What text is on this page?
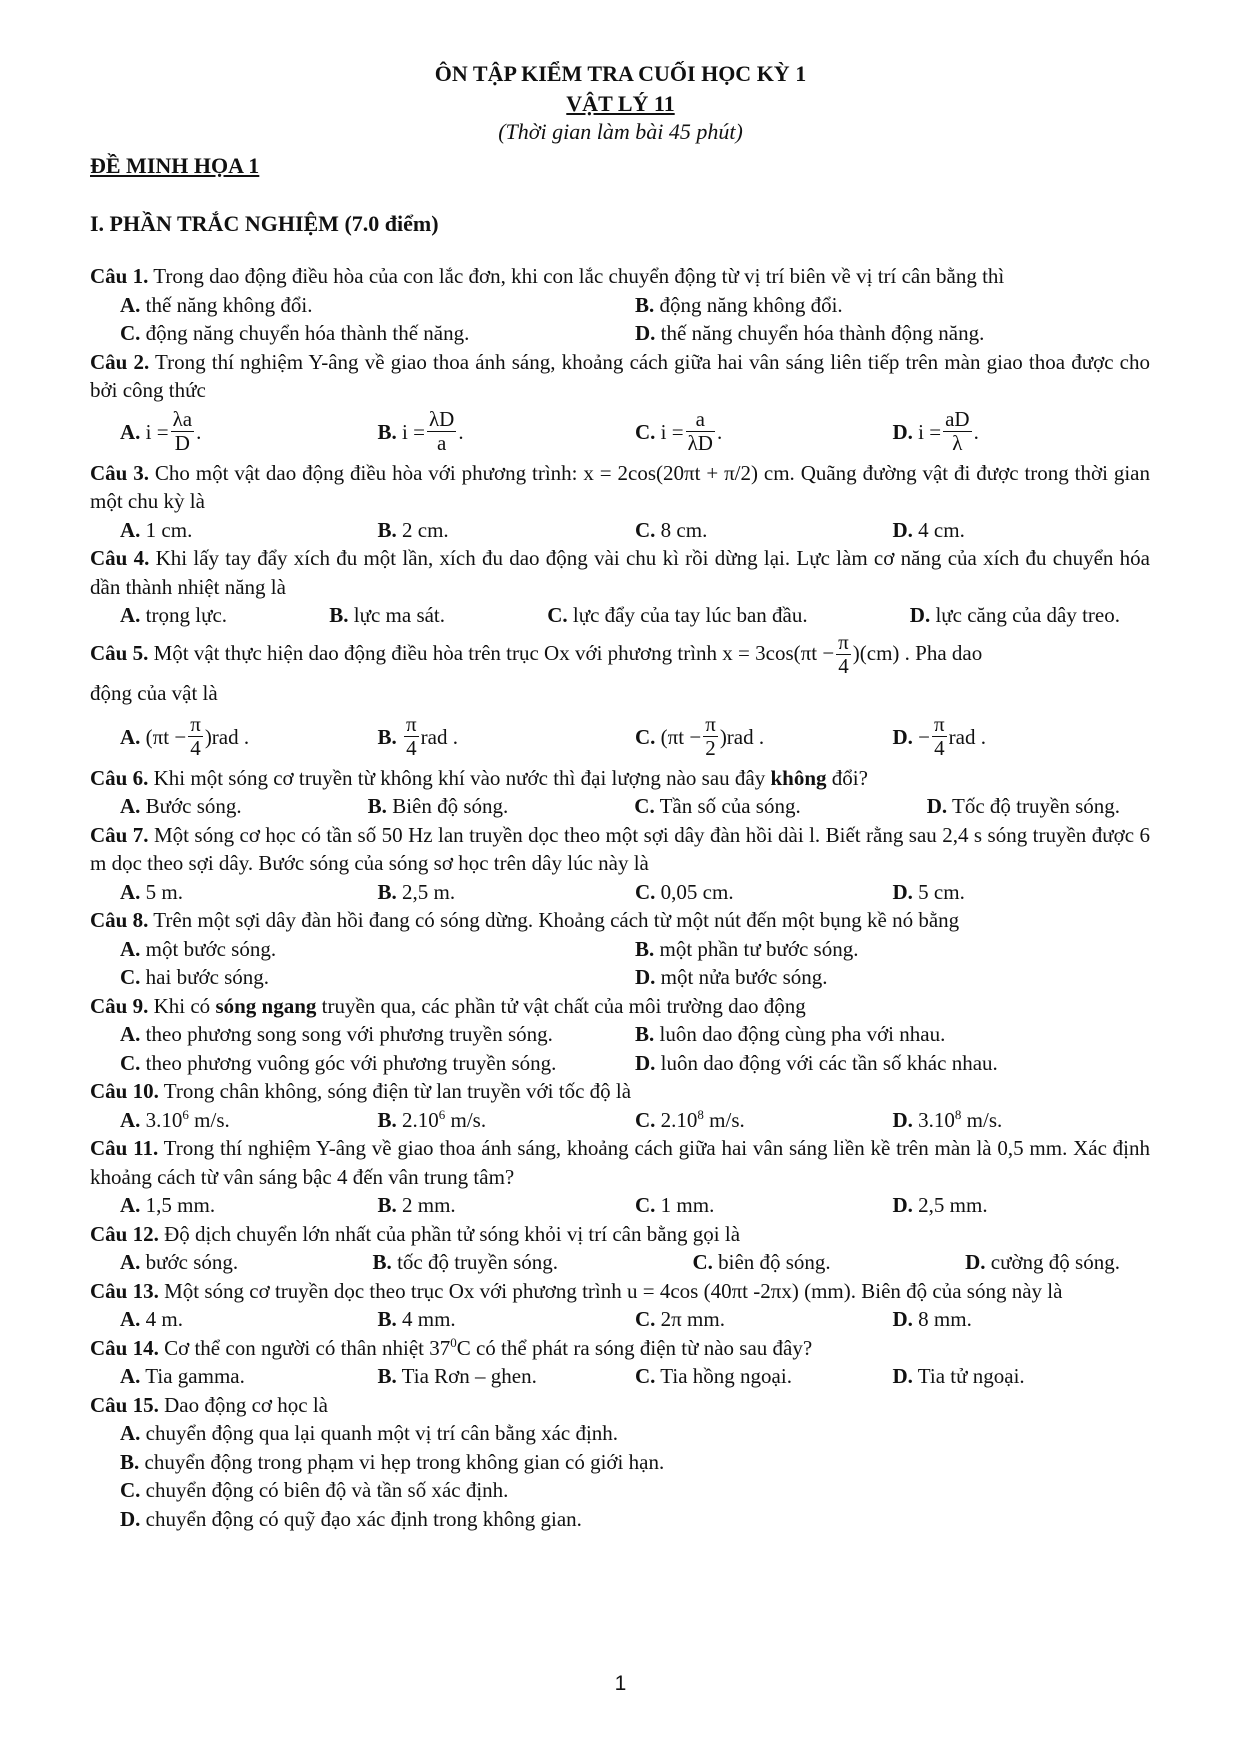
ÔN TẬP KIỂM TRA CUỐI HỌC KỲ 1
VẬT LÝ 11
(Thời gian làm bài 45 phút)
ĐỀ MINH HỌA 1
I. PHẦN TRẮC NGHIỆM (7.0 điểm)
Câu 1. Trong dao động điều hòa của con lắc đơn, khi con lắc chuyển động từ vị trí biên về vị trí cân bằng thì
A. thế năng không đổi.	B. động năng không đổi.
C. động năng chuyển hóa thành thế năng.	D. thế năng chuyển hóa thành động năng.
Câu 2. Trong thí nghiệm Y-âng về giao thoa ánh sáng, khoảng cách giữa hai vân sáng liên tiếp trên màn giao thoa được cho bởi công thức
A.
$i = \frac{\lambda a}{D}$ .	B.
$i = \frac{\lambda D}{a}$ .	C.
$i = \frac{a}{\lambda D}$ .	D.
$i = \frac{aD}{\lambda}$ .
Câu 3. Cho một vật dao động điều hòa với phương trình: x = 2cos(20πt + π/2) cm. Quãng đường vật đi được trong thời gian một chu kỳ là
A. 1 cm.	B. 2 cm.	C. 8 cm.	D. 4 cm.
Câu 4. Khi lấy tay đẩy xích đu một lần, xích đu dao động vài chu kì rồi dừng lại. Lực làm cơ năng của xích đu chuyển hóa dần thành nhiệt năng là
A. trọng lực.	B. lực ma sát.	C. lực đẩy của tay lúc ban đầu.	D. lực căng của dây treo.
Câu 5. Một vật thực hiện dao động điều hòa trên trục Ox với phương trình $x = 3\cos(\pi t - \frac{\pi}{4} )(cm)$ . Pha dao
động của vật là
A.
$(\pi t - \frac{\pi}{4} )rad$ .	B.
$\frac{\pi}{4}$ rad .	C.
$(\pi t - \frac{\pi}{2} )rad$ .	D.
− $\frac{\pi}{4}$ rad .
Câu 6. Khi một sóng cơ truyền từ không khí vào nước thì đại lượng nào sau đây không đổi?
A. Bước sóng.	B. Biên độ sóng.	C. Tần số của sóng.	D. Tốc độ truyền sóng.
Câu 7. Một sóng cơ học có tần số 50 Hz lan truyền dọc theo một sợi dây đàn hồi dài l. Biết rằng sau 2,4 s sóng truyền được 6 m dọc theo sợi dây. Bước sóng của sóng sơ học trên dây lúc này là
A. 5 m.	B. 2,5 m.	C. 0,05 cm.	D. 5 cm.
Câu 8. Trên một sợi dây đàn hồi đang có sóng dừng. Khoảng cách từ một nút đến một bụng kề nó bằng
A. một bước sóng.	B. một phần tư bước sóng.
C. hai bước sóng.	D. một nửa bước sóng.
Câu 9. Khi có sóng ngang truyền qua, các phần tử vật chất của môi trường dao động
A. theo phương song song với phương truyền sóng.	B. luôn dao động cùng pha với nhau.
C. theo phương vuông góc với phương truyền sóng.	D. luôn dao động với các tần số khác nhau.
Câu 10. Trong chân không, sóng điện từ lan truyền với tốc độ là
A. 3.10$^6$ m/s.	B. 2.10$^6$ m/s.	C. 2.10$^8$ m/s.	D. 3.10$^8$ m/s.
Câu 11. Trong thí nghiệm Y-âng về giao thoa ánh sáng, khoảng cách giữa hai vân sáng liền kề trên màn là 0,5 mm. Xác định khoảng cách từ vân sáng bậc 4 đến vân trung tâm?
A. 1,5 mm.	B. 2 mm.	C. 1 mm.	D. 2,5 mm.
Câu 12. Độ dịch chuyển lớn nhất của phần tử sóng khỏi vị trí cân bằng gọi là
A. bước sóng.	B. tốc độ truyền sóng.	C. biên độ sóng.	D. cường độ sóng.
Câu 13. Một sóng cơ truyền dọc theo trục Ox với phương trình u = 4cos (40πt -2πx) (mm). Biên độ của sóng này là
A. 4 m.	B. 4 mm.	C. 2π mm.	D. 8 mm.
Câu 14. Cơ thể con người có thân nhiệt $37^0C$ có thể phát ra sóng điện từ nào sau đây?
A. Tia gamma.	B. Tia Rơn – ghen.	C. Tia hồng ngoại.	D. Tia tử ngoại.
Câu 15. Dao động cơ học là
A. chuyển động qua lại quanh một vị trí cân bằng xác định.
B. chuyển động trong phạm vi hẹp trong không gian có giới hạn.
C. chuyển động có biên độ và tần số xác định.
D. chuyển động có quỹ đạo xác định trong không gian.
1
